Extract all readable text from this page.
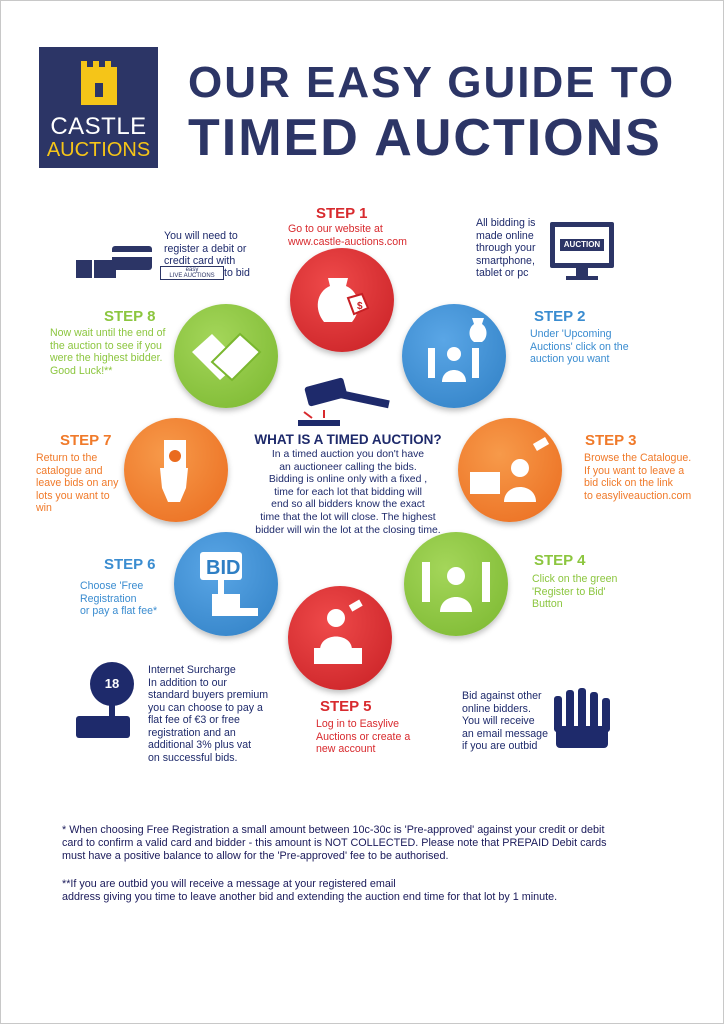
CASTLE
AUCTIONS
OUR EASY GUIDE TO
TIMED AUCTIONS
$
BID
WHAT IS A TIMED AUCTION?
In a timed auction you don't have
an auctioneer calling the bids.
Bidding is online only with a fixed ,
time for each lot that bidding will
end so all bidders know the exact
time that the lot will close. The highest
bidder will win the lot at the closing time.
STEP 1
Go to our website at
www.castle-auctions.com
STEP 2
Under 'Upcoming
Auctions' click on the
auction you want
STEP 3
Browse the Catalogue.
If you want to leave a
bid click on the link
to easyliveauction.com
STEP 4
Click on the green
'Register to Bid'
Button
STEP 5
Log in to Easylive
Auctions or create a
new account
STEP 6
Choose 'Free
Registration
or pay a flat fee*
STEP 7
Return to the
catalogue and
leave bids on any
lots you want to
win
STEP 8
Now wait until the end of
the auction to see if you
were the highest bidder.
Good Luck!**
You will need to
register a debit or
credit card with
easy
LIVE AUCTIONS to bid
All bidding is
made online
through your
smartphone,
tablet or pc
AUCTION
18
Internet Surcharge
In addition to our
standard buyers premium
you can choose to pay a
flat fee of €3 or free
registration and an
additional 3% plus vat
on successful bids.
Bid against other
online bidders.
You will receive
an email message
if you are outbid
* When choosing Free Registration a small amount between 10c-30c is 'Pre-approved' against your credit or debit
card to confirm a valid card and bidder - this amount is NOT COLLECTED. Please note that PREPAID Debit cards
must have a positive balance to allow for the 'Pre-approved' fee to be authorised.
**If you are outbid you will receive a message at your registered email
address giving you time to leave another bid and extending the auction end time for that lot by 1 minute.
